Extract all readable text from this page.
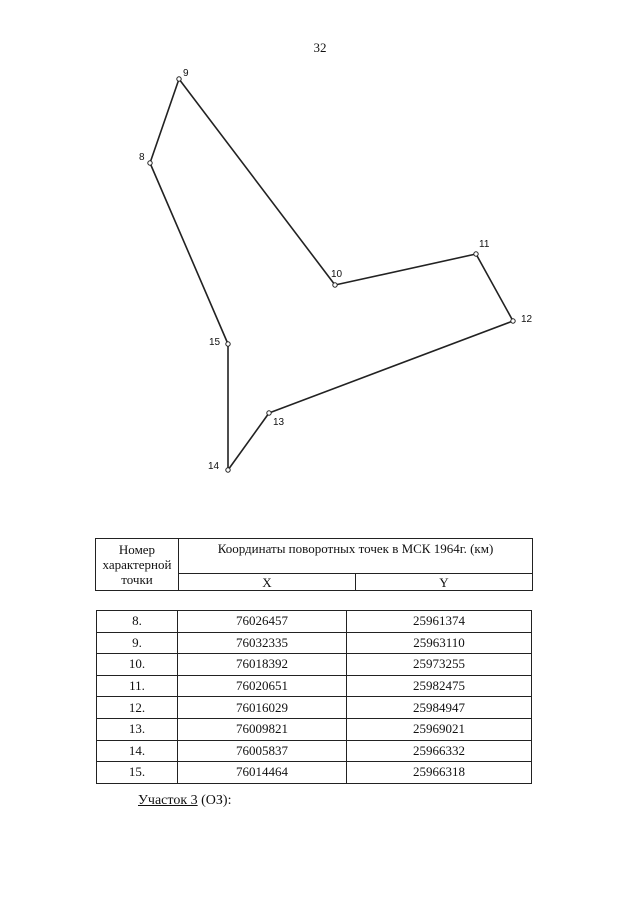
32
8
9
10
11
12
13
14
15
Номер характерной точки	Координаты поворотных точек в МСК 1964г. (км)	
	X	Y
8.	76026457	25961374
9.	76032335	25963110
10.	76018392	25973255
11.	76020651	25982475
12.	76016029	25984947
13.	76009821	25969021
14.	76005837	25966332
15.	76014464	25966318
Участок 3 (ОЗ):
